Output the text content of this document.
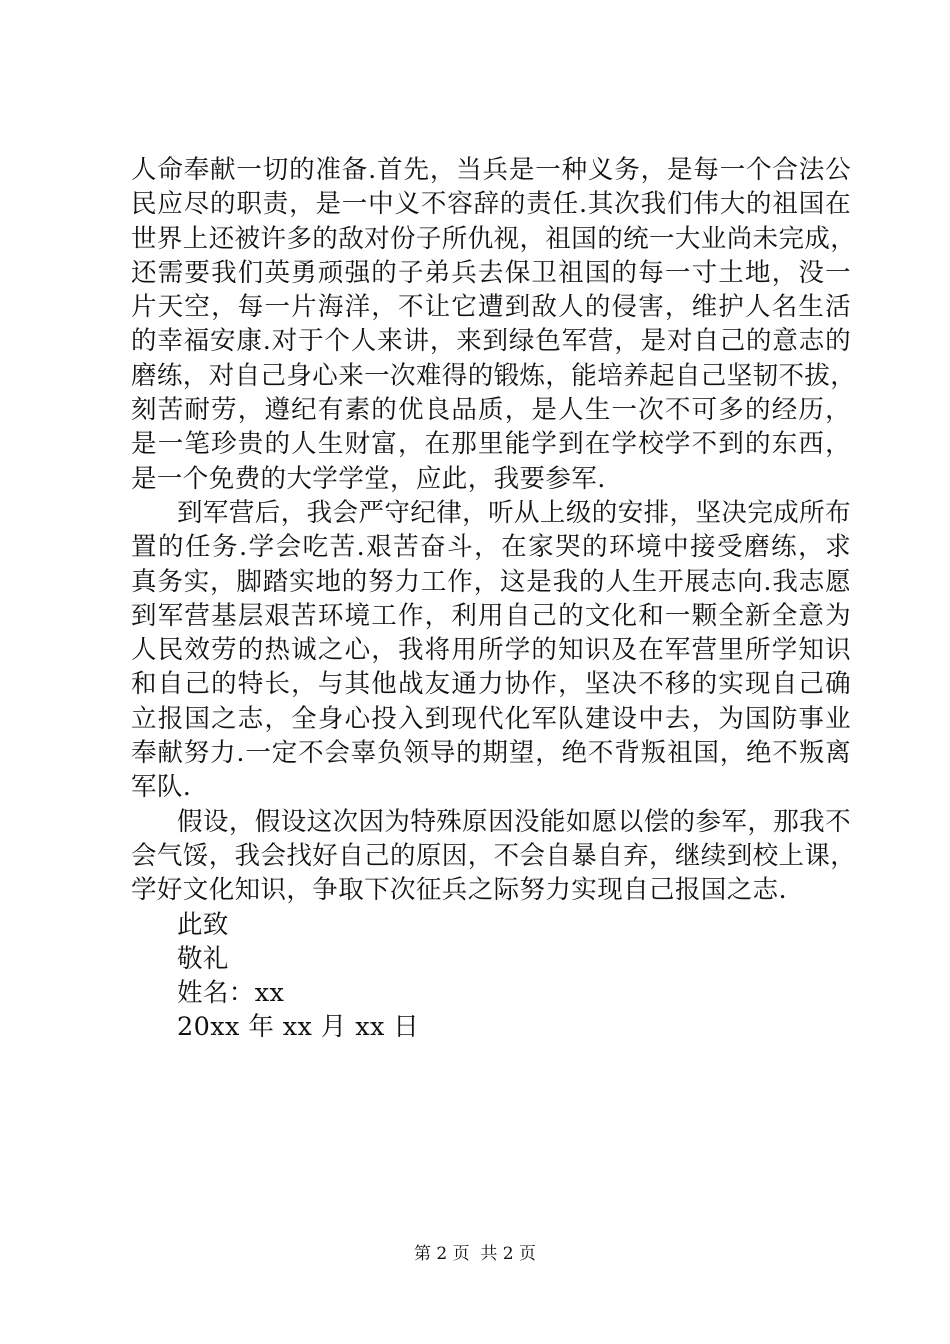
人命奉献一切的准备.首先，当兵是一种义务，是每一个合法公
民应尽的职责，是一中义不容辞的责任.其次我们伟大的祖国在
世界上还被许多的敌对份子所仇视，祖国的统一大业尚未完成，
还需要我们英勇顽强的子弟兵去保卫祖国的每一寸土地，没一
片天空，每一片海洋，不让它遭到敌人的侵害，维护人名生活
的幸福安康.对于个人来讲，来到绿色军营，是对自己的意志的
磨练，对自己身心来一次难得的锻炼，能培养起自己坚韧不拔，
刻苦耐劳，遵纪有素的优良品质，是人生一次不可多的经历，
是一笔珍贵的人生财富，在那里能学到在学校学不到的东西，
是一个免费的大学学堂，应此，我要参军.
到军营后，我会严守纪律，听从上级的安排，坚决完成所布
置的任务.学会吃苦.艰苦奋斗，在家哭的环境中接受磨练，求
真务实，脚踏实地的努力工作，这是我的人生开展志向.我志愿
到军营基层艰苦环境工作，利用自己的文化和一颗全新全意为
人民效劳的热诚之心，我将用所学的知识及在军营里所学知识
和自己的特长，与其他战友通力协作，坚决不移的实现自己确
立报国之志，全身心投入到现代化军队建设中去，为国防事业
奉献努力.一定不会辜负领导的期望，绝不背叛祖国，绝不叛离
军队.
假设，假设这次因为特殊原因没能如愿以偿的参军，那我不
会气馁，我会找好自己的原因，不会自暴自弃，继续到校上课，
学好文化知识，争取下次征兵之际努力实现自己报国之志.
此致
敬礼
姓名：xx
20xx 年 xx 月 xx 日
第 2 页  共 2 页
